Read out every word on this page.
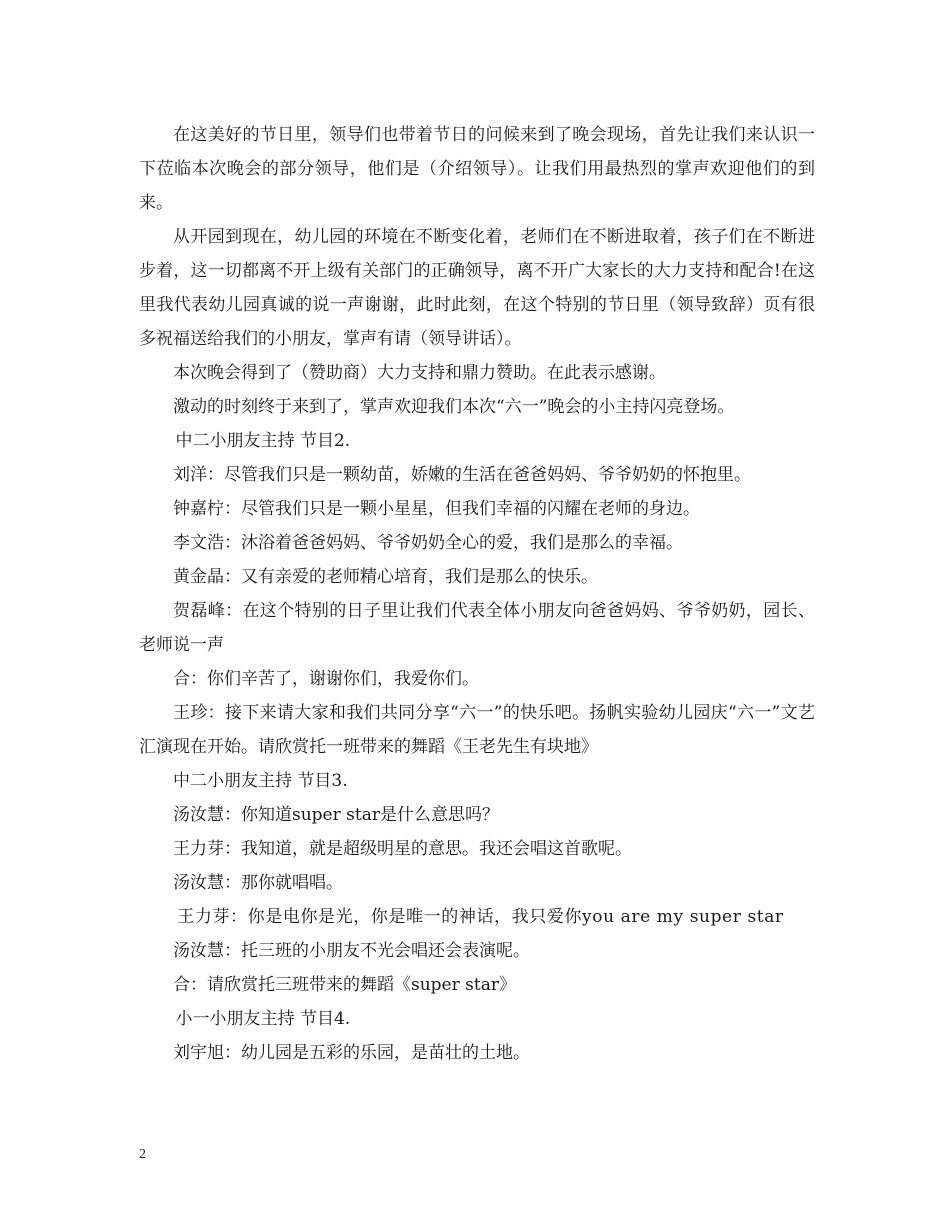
在这美好的节日里，领导们也带着节日的问候来到了晚会现场，首先让我们来认识一下莅临本次晚会的部分领导，他们是（介绍领导）。让我们用最热烈的掌声欢迎他们的到来。

从开园到现在，幼儿园的环境在不断变化着，老师们在不断进取着，孩子们在不断进步着，这一切都离不开上级有关部门的正确领导，离不开广大家长的大力支持和配合!在这里我代表幼儿园真诚的说一声谢谢，此时此刻，在这个特别的节日里（领导致辞）页有很多祝福送给我们的小朋友，掌声有请（领导讲话）。

本次晚会得到了（赞助商）大力支持和鼎力赞助。在此表示感谢。

激动的时刻终于来到了，掌声欢迎我们本次“六一”晚会的小主持闪亮登场。

中二小朋友主持 节目2.

刘洋：尽管我们只是一颗幼苗，娇嫩的生活在爸爸妈妈、爷爷奶奶的怀抱里。

钟嘉柠：尽管我们只是一颗小星星，但我们幸福的闪耀在老师的身边。

李文浩：沐浴着爸爸妈妈、爷爷奶奶全心的爱，我们是那么的幸福。

黄金晶：又有亲爱的老师精心培育，我们是那么的快乐。

贺磊峰：在这个特别的日子里让我们代表全体小朋友向爸爸妈妈、爷爷奶奶，园长、老师说一声

合：你们辛苦了，谢谢你们，我爱你们。

王珍：接下来请大家和我们共同分享“六一”的快乐吧。扬帆实验幼儿园庆“六一”文艺汇演现在开始。请欣赏托一班带来的舞蹈《王老先生有块地》

中二小朋友主持 节目3.

汤汝慧：你知道super star是什么意思吗？

王力芽：我知道，就是超级明星的意思。我还会唱这首歌呢。

汤汝慧：那你就唱唱。

王力芽：你是电你是光，你是唯一的神话，我只爱你you are my super star

汤汝慧：托三班的小朋友不光会唱还会表演呢。

合：请欣赏托三班带来的舞蹈《super star》

小一小朋友主持 节目4.

刘宇旭：幼儿园是五彩的乐园，是苗壮的土地。

2
